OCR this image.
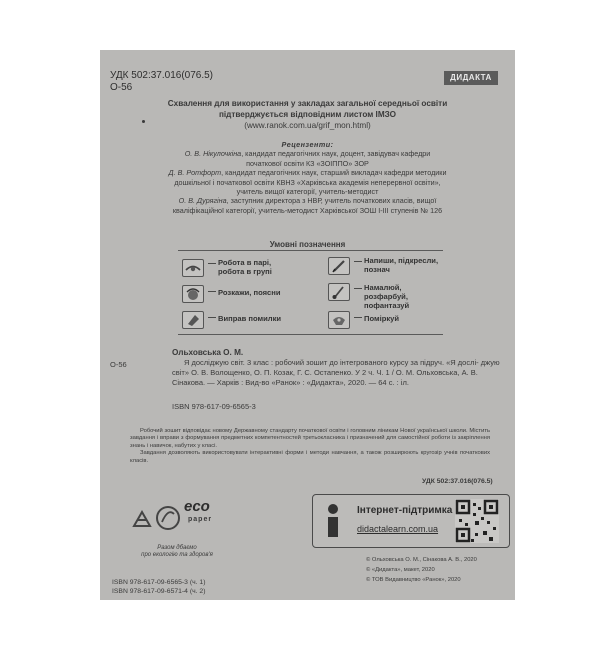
УДК 502:37.016(076.5)
О-56
ДИДАКТА
Схвалення для використання у закладах загальної середньої освіти
підтверджується відповідним листом ІМЗО
(www.ranok.com.ua/grif_mon.html)
Рецензенти:
О. В. Нікулочкіна, кандидат педагогічних наук, доцент, завідувач кафедри
початкової освіти КЗ «ЗОІППО» ЗОР
Д. В. Ротфорт, кандидат педагогічних наук, старший викладач кафедри методики
дошкільної і початкової освіти КВНЗ «Харківська академія неперервної освіти»,
учитель вищої категорії, учитель-методист
О. В. Дурягіна, заступник директора з НВР, учитель початкових класів, вищої
кваліфікаційної категорії, учитель-методист Харківської ЗОШ І-ІІІ ступенів № 126
Умовні позначення
— Робота в парі,
робота в групі
— Розкажи, поясни
— Виправ помилки
— Напиши, підкресли,
познач
— Намалюй, розфарбуй,
пофантазуй
— Поміркуй
Ольховська О. М.
О-56	Я досліджую світ. 3 клас : робочий зошит до інтегрованого курсу за підруч. «Я дослі- джую світ» О. В. Волощенко, О. П. Козак, Г. С. Остапенко. У 2 ч. Ч. 1 / О. М. Ольховська, А. В. Сінакова. — Харків : Вид-во «Ранок» : «Дидакта», 2020. — 64 с. : іл.
ISBN 978-617-09-6565-3

Робочий зошит відповідає новому Державному стандарту початкової освіти і головним ліникам Нової української школи. Містить завдання і вправи з формування предметних компетентностей третьокласника і призначений для самостійної роботи із закріплення знань і навичок, набутих у класі.

Завдання дозволяють використовувати інтерактивні форми і методи навчання, а також розширюють кругозір учнів початкових класів.

УДК 502:37.016(076.5)
eco
paper
Разом дбаємо
про екологію та здоров'я
Інтернет-підтримка
didactalearn.com.ua
ISBN 978-617-09-6565-3 (ч. 1)
ISBN 978-617-09-6571-4 (ч. 2)
© Ольховська О. М., Сінакова А. В., 2020
© «Дидакта», макет, 2020
© ТОВ Видавництво «Ранок», 2020
